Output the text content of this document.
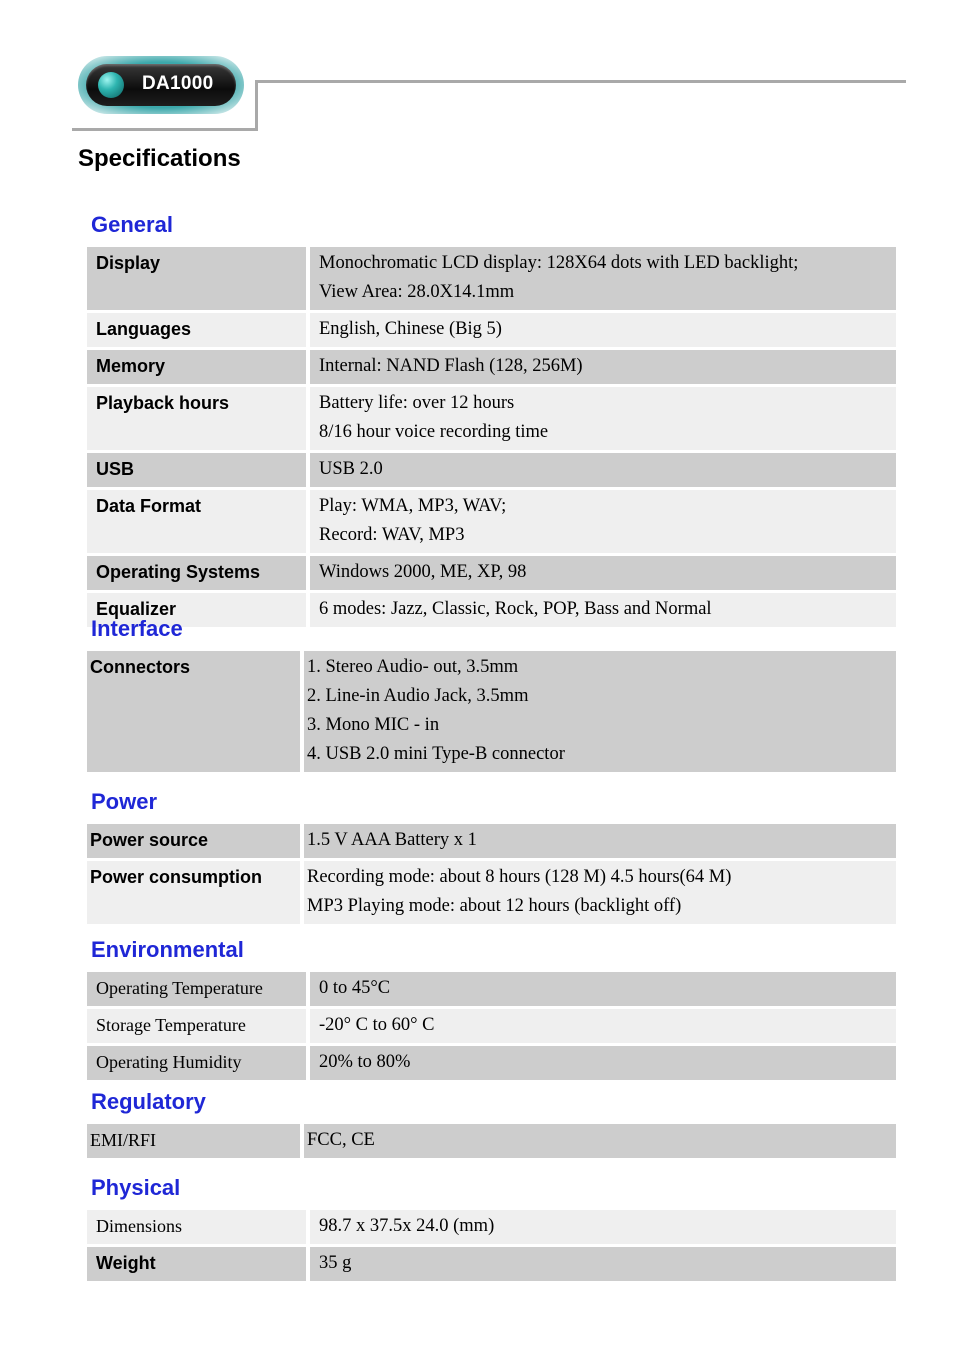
DA1000
Specifications
General
Display	Monochromatic LCD display: 128X64 dots with LED backlight;
View Area: 28.0X14.1mm

Languages	English, Chinese (Big 5)
Memory	Internal: NAND Flash (128, 256M)
Playback hours	Battery life: over 12 hours
8/16 hour voice recording time

USB	USB 2.0
Data Format	Play: WMA, MP3, WAV;
Record: WAV, MP3

Operating Systems	Windows 2000, ME, XP, 98
Equalizer	6 modes: Jazz, Classic, Rock, POP, Bass and Normal
Interface
Connectors	1. Stereo Audio- out, 3.5mm
2. Line-in Audio Jack, 3.5mm
3. Mono MIC - in
4. USB 2.0 mini Type-B connector
Power
Power source	1.5 V AAA Battery x 1
Power consumption	Recording mode: about 8 hours (128 M) 4.5 hours(64 M)
MP3 Playing mode: about 12 hours (backlight off)
Environmental
Operating Temperature	0 to 45°C
Storage Temperature	-20° C to 60° C
Operating Humidity	20% to 80%
Regulatory
EMI/RFI	FCC, CE
Physical
Dimensions	98.7 x 37.5x 24.0 (mm)
Weight	35 g
